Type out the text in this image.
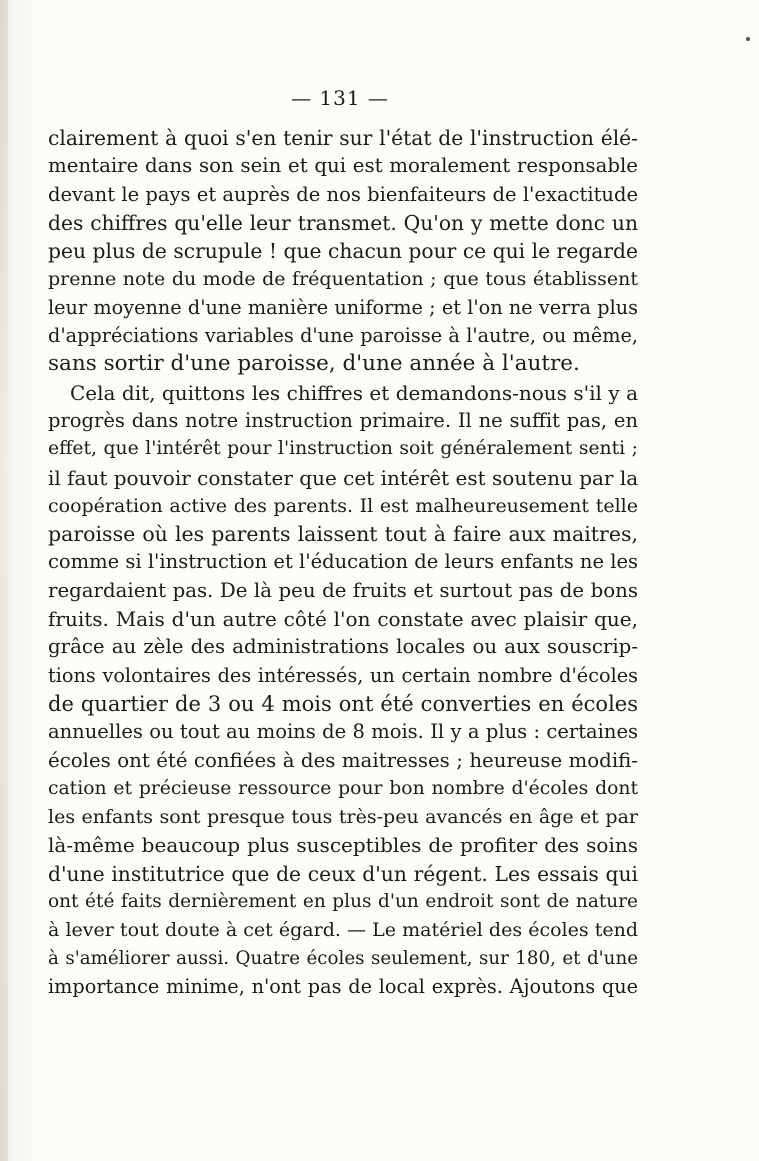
— 131 —
clairement à quoi s'en tenir sur l'état de l'instruction élé-
mentaire dans son sein et qui est moralement responsable
devant le pays et auprès de nos bienfaiteurs de l'exactitude
des chiffres qu'elle leur transmet. Qu'on y mette donc un
peu plus de scrupule ! que chacun pour ce qui le regarde
prenne note du mode de fréquentation ; que tous établissent
leur moyenne d'une manière uniforme ; et l'on ne verra plus
d'appréciations variables d'une paroisse à l'autre, ou même,
sans sortir d'une paroisse, d'une année à l'autre.
Cela dit, quittons les chiffres et demandons-nous s'il y a
progrès dans notre instruction primaire. Il ne suffit pas, en
effet, que l'intérêt pour l'instruction soit généralement senti ;
il faut pouvoir constater que cet intérêt est soutenu par la
coopération active des parents. Il est malheureusement telle
paroisse où les parents laissent tout à faire aux maitres,
comme si l'instruction et l'éducation de leurs enfants ne les
regardaient pas. De là peu de fruits et surtout pas de bons
fruits. Mais d'un autre côté l'on constate avec plaisir que,
grâce au zèle des administrations locales ou aux souscrip-
tions volontaires des intéressés, un certain nombre d'écoles
de quartier de 3 ou 4 mois ont été converties en écoles
annuelles ou tout au moins de 8 mois. Il y a plus : certaines
écoles ont été confiées à des maitresses ; heureuse modifi-
cation et précieuse ressource pour bon nombre d'écoles dont
les enfants sont presque tous très-peu avancés en âge et par
là-même beaucoup plus susceptibles de profiter des soins
d'une institutrice que de ceux d'un régent. Les essais qui
ont été faits dernièrement en plus d'un endroit sont de nature
à lever tout doute à cet égard. — Le matériel des écoles tend
à s'améliorer aussi. Quatre écoles seulement, sur 180, et d'une
importance minime, n'ont pas de local exprès. Ajoutons que
